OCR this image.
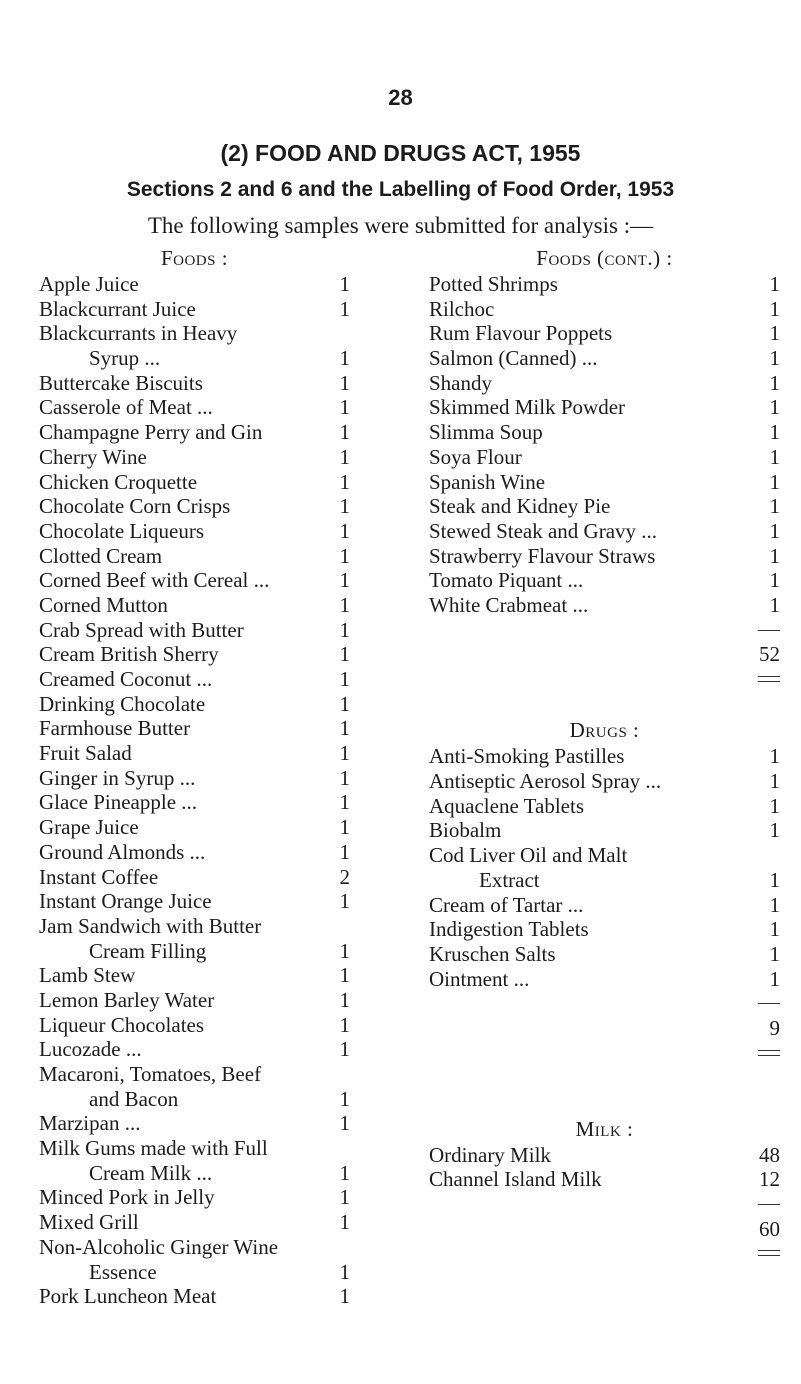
28
(2) FOOD AND DRUGS ACT, 1955
Sections 2 and 6 and the Labelling of Food Order, 1953
The following samples were submitted for analysis :—
Foods :
Apple Juice	1
Blackcurrant Juice	1
Blackcurrants in Heavy
Syrup ...	1
Buttercake Biscuits	1
Casserole of Meat ...	1
Champagne Perry and Gin	1
Cherry Wine	1
Chicken Croquette	1
Chocolate Corn Crisps	1
Chocolate Liqueurs	1
Clotted Cream	1
Corned Beef with Cereal ...	1
Corned Mutton	1
Crab Spread with Butter	1
Cream British Sherry	1
Creamed Coconut ...	1
Drinking Chocolate	1
Farmhouse Butter	1
Fruit Salad	1
Ginger in Syrup ...	1
Glace Pineapple ...	1
Grape Juice	1
Ground Almonds ...	1
Instant Coffee	2
Instant Orange Juice	1
Jam Sandwich with Butter
Cream Filling	1
Lamb Stew	1
Lemon Barley Water	1
Liqueur Chocolates	1
Lucozade ...	1
Macaroni, Tomatoes, Beef
and Bacon	1
Marzipan ...	1
Milk Gums made with Full
Cream Milk ...	1
Minced Pork in Jelly	1
Mixed Grill	1
Non-Alcoholic Ginger Wine
Essence	1
Pork Luncheon Meat	1
Foods (cont.) :
Potted Shrimps	1
Rilchoc	1
Rum Flavour Poppets	1
Salmon (Canned) ...	1
Shandy	1
Skimmed Milk Powder	1
Slimma Soup	1
Soya Flour	1
Spanish Wine	1
Steak and Kidney Pie	1
Stewed Steak and Gravy ...	1
Strawberry Flavour Straws	1
Tomato Piquant ...	1
White Crabmeat ...	1
52
Drugs :
Anti-Smoking Pastilles	1
Antiseptic Aerosol Spray ...	1
Aquaclene Tablets	1
Biobalm	1
Cod Liver Oil and Malt
Extract	1
Cream of Tartar ...	1
Indigestion Tablets	1
Kruschen Salts	1
Ointment ...	1
9
Milk :
Ordinary Milk	48
Channel Island Milk	12
60
